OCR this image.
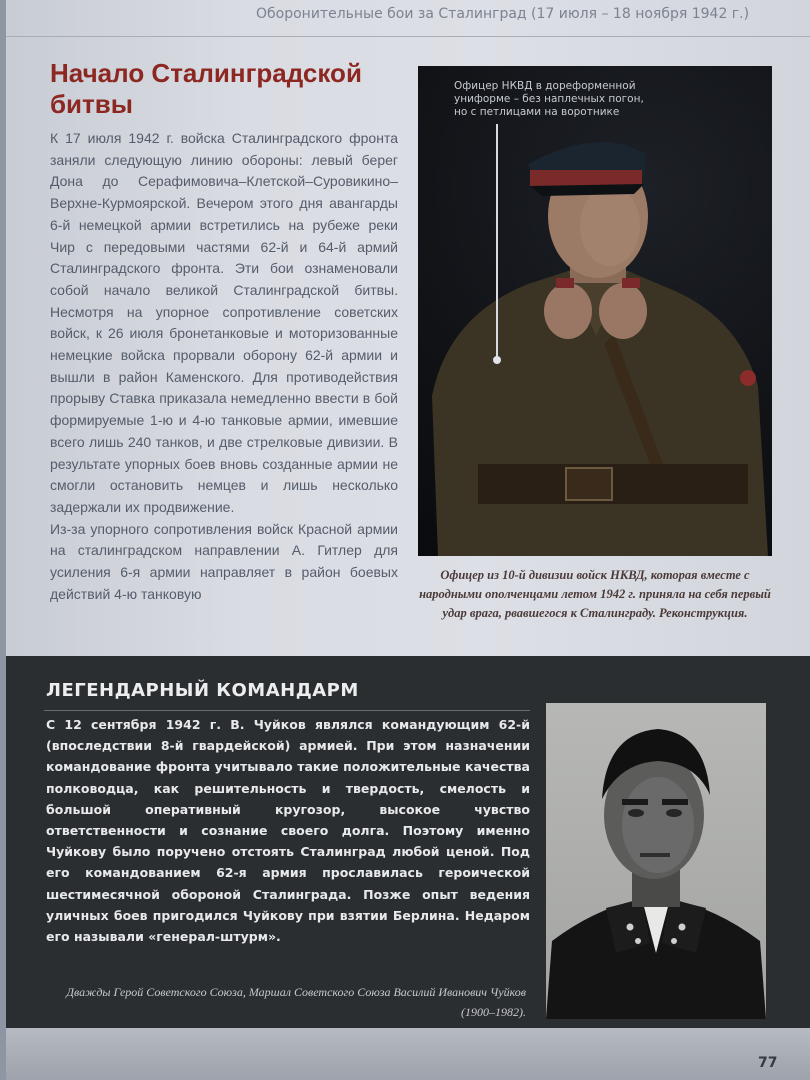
Оборонительные бои за Сталинград (17 июля – 18 ноября 1942 г.)
Начало Сталинградской битвы

К 17 июля 1942 г. войска Сталинградского фронта заняли следующую линию обороны: левый берег Дона до Серафимовича–Клетской–Суровикино–Верхне-Курмоярской. Вечером этого дня авангарды 6-й немецкой армии встретились на рубеже реки Чир с передовыми частями 62-й и 64-й армий Сталинградского фронта. Эти бои ознаменовали собой начало великой Сталинградской битвы. Несмотря на упорное сопротивление советских войск, к 26 июля бронетанковые и моторизованные немецкие войска прорвали оборону 62-й армии и вышли в район Каменского. Для противодействия прорыву Ставка приказала немедленно ввести в бой формируемые 1-ю и 4-ю танковые армии, имевшие всего лишь 240 танков, и две стрелковые дивизии. В результате упорных боев вновь созданные армии не смогли остановить немцев и лишь несколько задержали их продвижение.

Из-за упорного сопротивления войск Красной армии на сталинградском направлении А. Гитлер для усиления 6-я армии направляет в район боевых действий 4-ю танковую

Офицер НКВД в дореформенной униформе – без наплечных погон, но с петлицами на воротнике
Офицер из 10-й дивизии войск НКВД, которая вместе с народными ополченцами летом 1942 г. приняла на себя первый удар врага, рвавшегося к Сталинграду. Реконструкция.
ЛЕГЕНДАРНЫЙ КОМАНДАРМ

С 12 сентября 1942 г. В. Чуйков являлся командующим 62-й (впоследствии 8-й гвардейской) армией. При этом назначении командование фронта учитывало такие положительные качества полководца, как решительность и твердость, смелость и большой оперативный кругозор, высокое чувство ответственности и сознание своего долга. Поэтому именно Чуйкову было поручено отстоять Сталинград любой ценой. Под его командованием 62-я армия прославилась героической шестимесячной обороной Сталинграда. Позже опыт ведения уличных боев пригодился Чуйкову при взятии Берлина. Недаром его называли «генерал-штурм».

Дважды Герой Советского Союза, Маршал Советского Союза Василий Иванович Чуйков (1900–1982).

77
